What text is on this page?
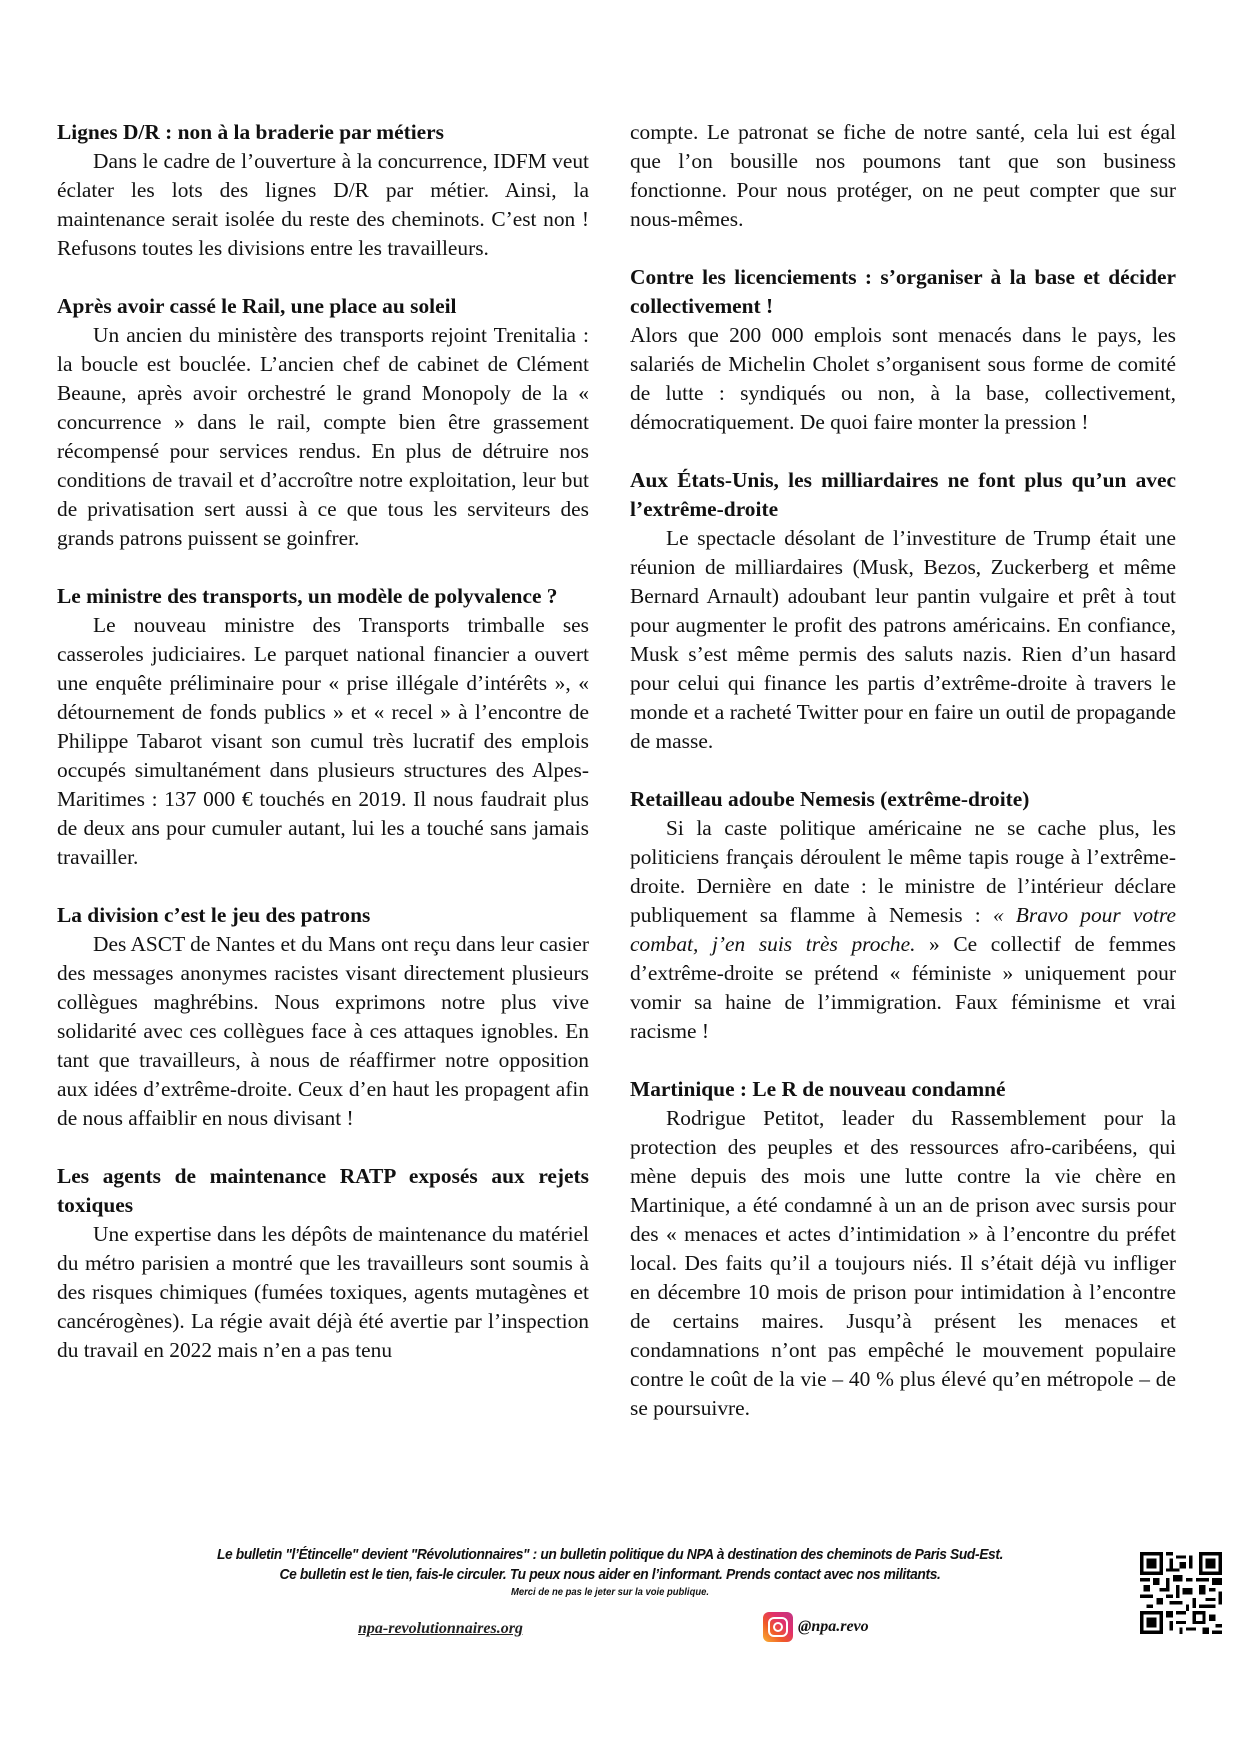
Lignes D/R : non à la braderie par métiers

Dans le cadre de l’ouverture à la concurrence, IDFM veut éclater les lots des lignes D/R par métier. Ainsi, la maintenance serait isolée du reste des cheminots. C’est non ! Refusons toutes les divisions entre les travailleurs.

Après avoir cassé le Rail, une place au soleil

Un ancien du ministère des transports rejoint Trenitalia : la boucle est bouclée. L’ancien chef de cabinet de Clément Beaune, après avoir orchestré le grand Monopoly de la « concurrence » dans le rail, compte bien être grassement récompensé pour services rendus. En plus de détruire nos conditions de travail et d’accroître notre exploitation, leur but de privatisation sert aussi à ce que tous les serviteurs des grands patrons puissent se goinfrer.

Le ministre des transports, un modèle de polyvalence ?

Le nouveau ministre des Transports trimballe ses casseroles judiciaires. Le parquet national financier a ouvert une enquête préliminaire pour « prise illégale d’intérêts », « détournement de fonds publics » et « recel » à l’encontre de Philippe Tabarot visant son cumul très lucratif des emplois occupés simultanément dans plusieurs structures des Alpes-Maritimes : 137 000 € touchés en 2019. Il nous faudrait plus de deux ans pour cumuler autant, lui les a touché sans jamais travailler.

La division c’est le jeu des patrons

Des ASCT de Nantes et du Mans ont reçu dans leur casier des messages anonymes racistes visant directement plusieurs collègues maghrébins. Nous exprimons notre plus vive solidarité avec ces collègues face à ces attaques ignobles. En tant que travailleurs, à nous de réaffirmer notre opposition aux idées d’extrême-droite. Ceux d’en haut les propagent afin de nous affaiblir en nous divisant !

Les agents de maintenance RATP exposés aux rejets toxiques

Une expertise dans les dépôts de maintenance du matériel du métro parisien a montré que les travailleurs sont soumis à des risques chimiques (fumées toxiques, agents mutagènes et cancérogènes). La régie avait déjà été avertie par l’inspection du travail en 2022 mais n’en a pas tenu

compte. Le patronat se fiche de notre santé, cela lui est égal que l’on bousille nos poumons tant que son business fonctionne. Pour nous protéger, on ne peut compter que sur nous-mêmes.

Contre les licenciements : s’organiser à la base et décider collectivement !

Alors que 200 000 emplois sont menacés dans le pays, les salariés de Michelin Cholet s’organisent sous forme de comité de lutte : syndiqués ou non, à la base, collectivement, démocratiquement. De quoi faire monter la pression !

Aux États-Unis, les milliardaires ne font plus qu’un avec l’extrême-droite

Le spectacle désolant de l’investiture de Trump était une réunion de milliardaires (Musk, Bezos, Zuckerberg et même Bernard Arnault) adoubant leur pantin vulgaire et prêt à tout pour augmenter le profit des patrons américains. En confiance, Musk s’est même permis des saluts nazis. Rien d’un hasard pour celui qui finance les partis d’extrême-droite à travers le monde et a racheté Twitter pour en faire un outil de propagande de masse.

Retailleau adoube Nemesis (extrême-droite)

Si la caste politique américaine ne se cache plus, les politiciens français déroulent le même tapis rouge à l’extrême-droite. Dernière en date : le ministre de l’intérieur déclare publiquement sa flamme à Nemesis : « Bravo pour votre combat, j’en suis très proche. » Ce collectif de femmes d’extrême-droite se prétend « féministe » uniquement pour vomir sa haine de l’immigration. Faux féminisme et vrai racisme !

Martinique : Le R de nouveau condamné

Rodrigue Petitot, leader du Rassemblement pour la protection des peuples et des ressources afro-caribéens, qui mène depuis des mois une lutte contre la vie chère en Martinique, a été condamné à un an de prison avec sursis pour des « menaces et actes d’intimidation » à l’encontre du préfet local. Des faits qu’il a toujours niés. Il s’était déjà vu infliger en décembre 10 mois de prison pour intimidation à l’encontre de certains maires. Jusqu’à présent les menaces et condamnations n’ont pas empêché le mouvement populaire contre le coût de la vie – 40 % plus élevé qu’en métropole – de se poursuivre.

Le bulletin "l’Étincelle" devient "Révolutionnaires" : un bulletin politique du NPA à destination des cheminots de Paris Sud-Est.
Ce bulletin est le tien, fais-le circuler. Tu peux nous aider en l’informant. Prends contact avec nos militants.
Merci de ne pas le jeter sur la voie publique.
npa-revolutionnaires.org	@npa.revo
